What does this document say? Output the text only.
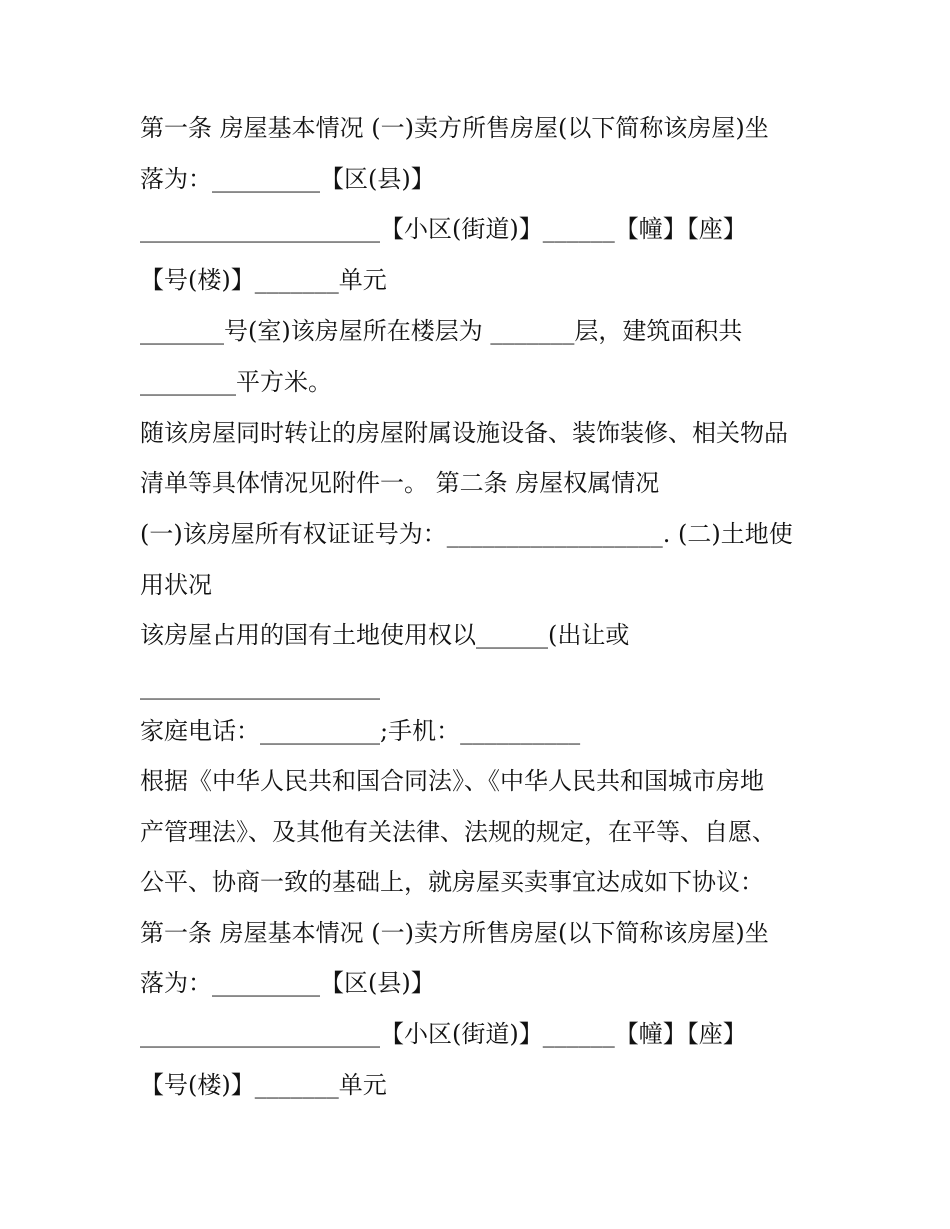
第一条 房屋基本情况 (一)卖方所售房屋(以下简称该房屋)坐
落为：_________【区(县)】
____________________【小区(街道)】______【幢】【座】
【号(楼)】_______单元
_______号(室)该房屋所在楼层为 _______层，建筑面积共
________平方米。
随该房屋同时转让的房屋附属设施设备、装饰装修、相关物品
清单等具体情况见附件一。 第二条 房屋权属情况
(一)该房屋所有权证证号为：__________________. (二)土地使
用状况
该房屋占用的国有土地使用权以______(出让或
____________________
家庭电话：__________;手机：__________
根据《中华人民共和国合同法》、《中华人民共和国城市房地
产管理法》、及其他有关法律、法规的规定，在平等、自愿、
公平、协商一致的基础上，就房屋买卖事宜达成如下协议：
第一条 房屋基本情况 (一)卖方所售房屋(以下简称该房屋)坐
落为：_________【区(县)】
____________________【小区(街道)】______【幢】【座】
【号(楼)】_______单元
